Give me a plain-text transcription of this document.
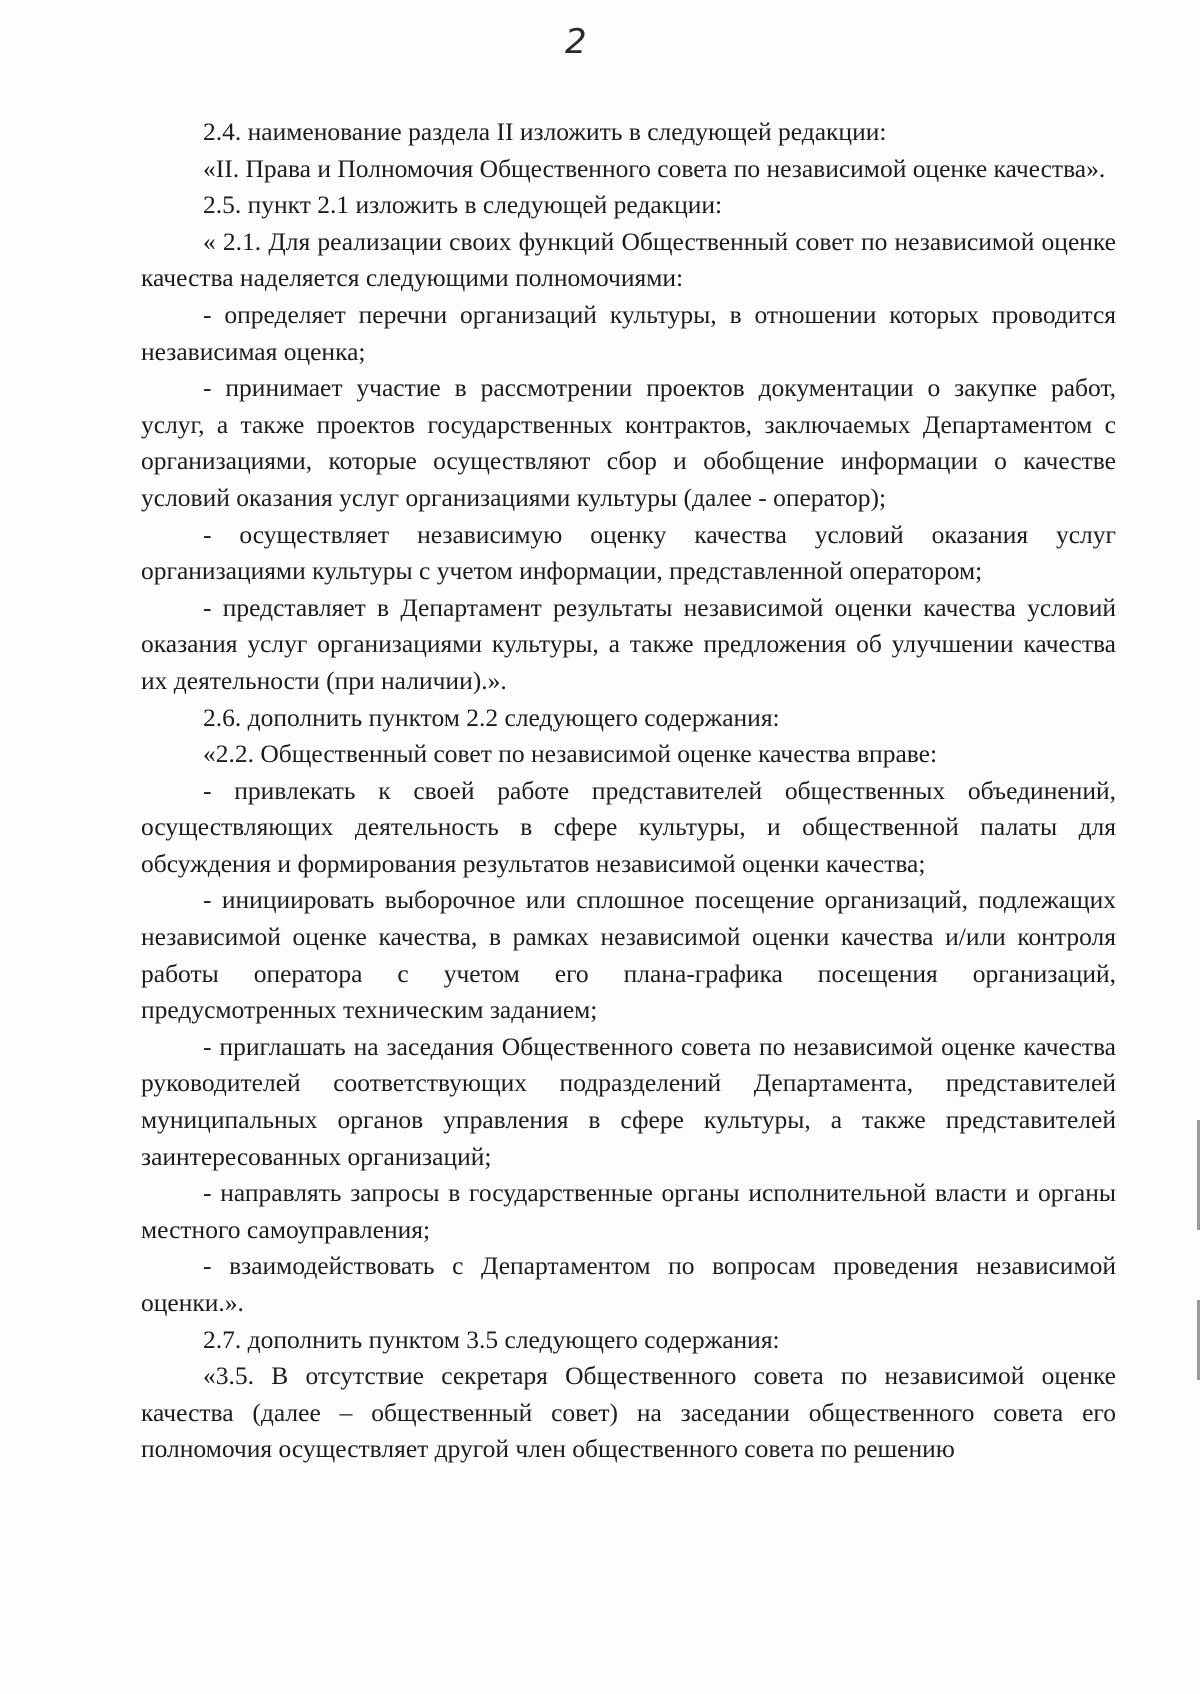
2

2.4. наименование раздела II изложить в следующей редакции:

«II. Права и Полномочия Общественного совета по независимой оценке качества».

2.5. пункт 2.1 изложить в следующей редакции:

« 2.1. Для реализации своих функций Общественный совет по независимой оценке качества наделяется следующими полномочиями:

- определяет перечни организаций культуры, в отношении которых проводится независимая оценка;

- принимает участие в рассмотрении проектов документации о закупке работ, услуг, а также проектов государственных контрактов, заключаемых Департаментом с организациями, которые осуществляют сбор и обобщение информации о качестве условий оказания услуг организациями культуры (далее - оператор);

- осуществляет независимую оценку качества условий оказания услуг организациями культуры с учетом информации, представленной оператором;

- представляет в Департамент результаты независимой оценки качества условий оказания услуг организациями культуры, а также предложения об улучшении качества их деятельности (при наличии).».

2.6. дополнить пунктом 2.2 следующего содержания:

«2.2. Общественный совет по независимой оценке качества вправе:

- привлекать к своей работе представителей общественных объединений, осуществляющих деятельность в сфере культуры, и общественной палаты для обсуждения и формирования результатов независимой оценки качества;

- инициировать выборочное или сплошное посещение организаций, подлежащих независимой оценке качества, в рамках независимой оценки качества и/или контроля работы оператора с учетом его плана-графика посещения организаций, предусмотренных техническим заданием;

- приглашать на заседания Общественного совета по независимой оценке качества руководителей соответствующих подразделений Департамента, представителей муниципальных органов управления в сфере культуры, а также представителей заинтересованных организаций;

- направлять запросы в государственные органы исполнительной власти и органы местного самоуправления;

- взаимодействовать с Департаментом по вопросам проведения независимой оценки.».

2.7. дополнить пунктом 3.5 следующего содержания:

«3.5. В отсутствие секретаря Общественного совета по независимой оценке качества (далее – общественный совет) на заседании общественного совета его полномочия осуществляет другой член общественного совета по решению
